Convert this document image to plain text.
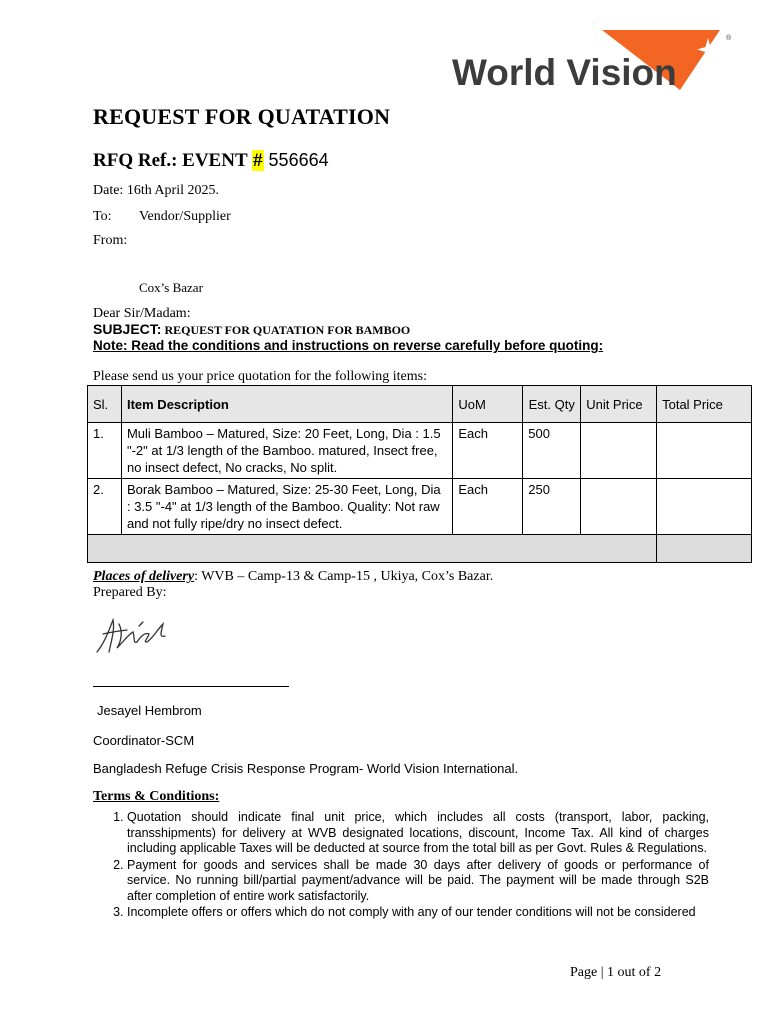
World Vision
®
REQUEST FOR QUATATION
RFQ Ref.: EVENT # 556664
Date: 16th April 2025.
To: Vendor/Supplier
From:
Cox’s Bazar
Dear Sir/Madam:
SUBJECT: REQUEST FOR QUATATION FOR BAMBOO
Note: Read the conditions and instructions on reverse carefully before quoting:
Please send us your price quotation for the following items:
Sl.	Item Description	UoM	Est. Qty	Unit Price	Total Price
1.	Muli Bamboo – Matured, Size: 20 Feet, Long, Dia : 1.5 "-2" at 1/3 length of the Bamboo. matured, Insect free, no insect defect, No cracks, No split.	Each	500		
2.	Borak Bamboo – Matured, Size: 25-30 Feet, Long, Dia : 3.5 "-4" at 1/3 length of the Bamboo. Quality: Not raw and not fully ripe/dry no insect defect.	Each	250		

Places of delivery: WVB – Camp-13 & Camp-15 , Ukiya, Cox’s Bazar.
Prepared By:
Jesayel Hembrom
Coordinator-SCM
Bangladesh Refuge Crisis Response Program- World Vision International.
Terms & Conditions:
1. Quotation should indicate final unit price, which includes all costs (transport, labor, packing, transshipments) for delivery at WVB designated locations, discount, Income Tax. All kind of charges including applicable Taxes will be deducted at source from the total bill as per Govt. Rules & Regulations.
2. Payment for goods and services shall be made 30 days after delivery of goods or performance of service. No running bill/partial payment/advance will be paid. The payment will be made through S2B after completion of entire work satisfactorily.
3. Incomplete offers or offers which do not comply with any of our tender conditions will not be considered
Page | 1 out of 2
